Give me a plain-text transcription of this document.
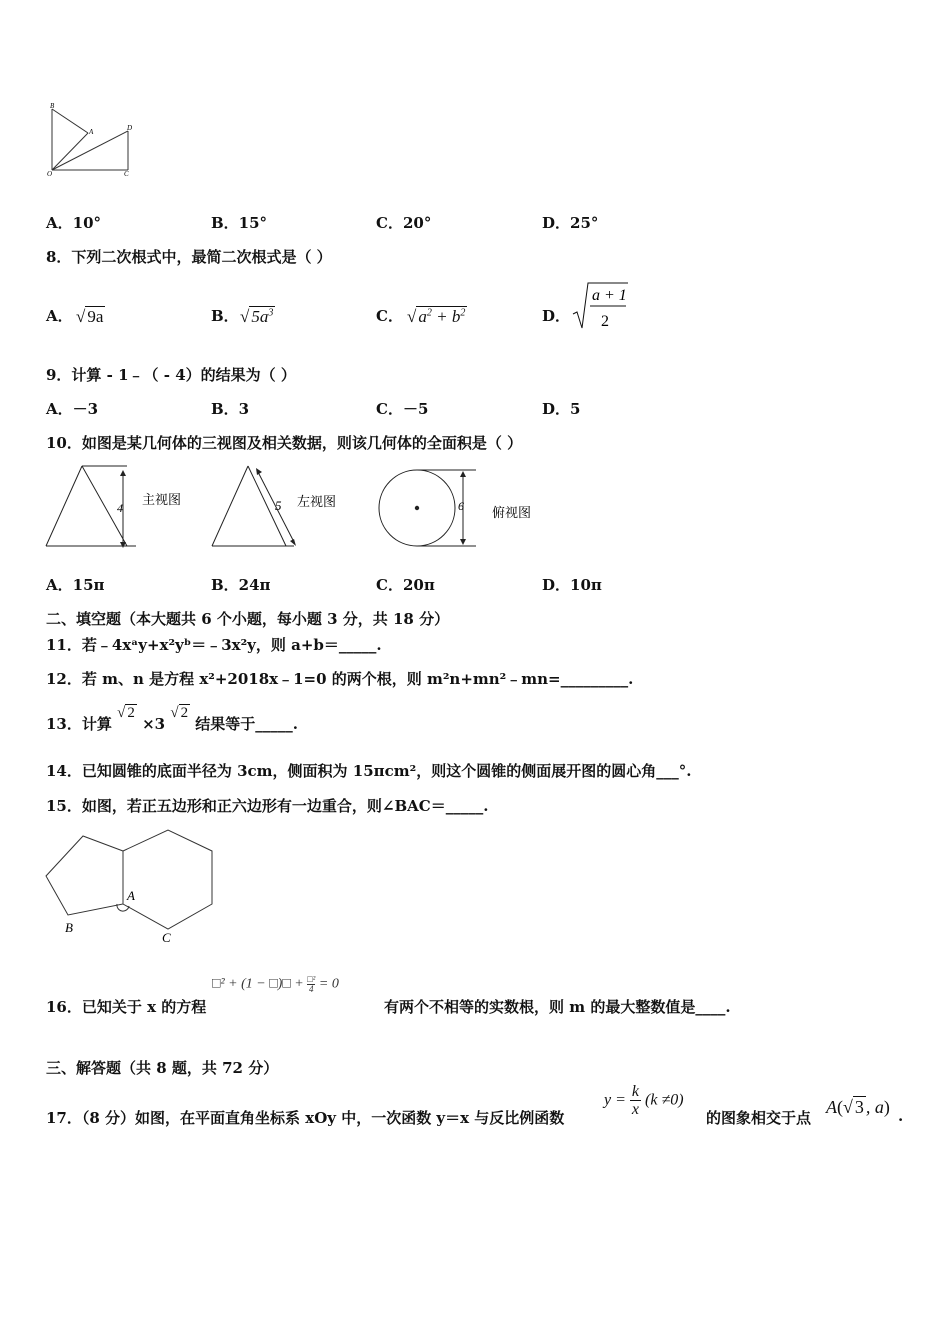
B
A	D
O	C
A．10°	B．15°	C．20°	D．25°
8．下列二次根式中，最简二次根式是（ ）
A． √ 9a	B． √ $5a^3$	C． √ $a^2 + b^2$	D．
a + 1
2
9．计算 - 1﹣（ - 4）的结果为（ ）
A．－3	B．3	C．－5	D．5
10．如图是某几何体的三视图及相关数据，则该几何体的全面积是（ ）
4
主视图	5 左视图	6 俯视图
A．15π	B．24π	C．20π	D．10π
二、填空题（本大题共 6 个小题，每小题 3 分，共 18 分）
11．若﹣4xᵃy+x²yᵇ＝﹣3x²y，则 a+b＝_____.
12．若 m、n 是方程 x²+2018x﹣1=0 的两个根，则 m²n+mn²﹣mn=_________.
13．计算 √ 2 ×3 √ 2 结果等于_____.
14．已知圆锥的底面半径为 3cm，侧面积为 15πcm²，则这个圆锥的侧面展开图的圆心角___°.
15．如图，若正五边形和正六边形有一边重合，则∠BAC＝_____.
A
B
C
16．已知关于 x 的方程
□² + (1 − □)□ + □²
4 = 0
有两个不相等的实数根，则 m 的最大整数值是____.
三、解答题（共 8 题，共 72 分）
17．（8 分）如图，在平面直角坐标系 xOy 中，一次函数 y＝x 与反比例函数
$y = \frac{k}{x} (k \ne 0)$
的图象相交于点
A(√ 3 , a) .
